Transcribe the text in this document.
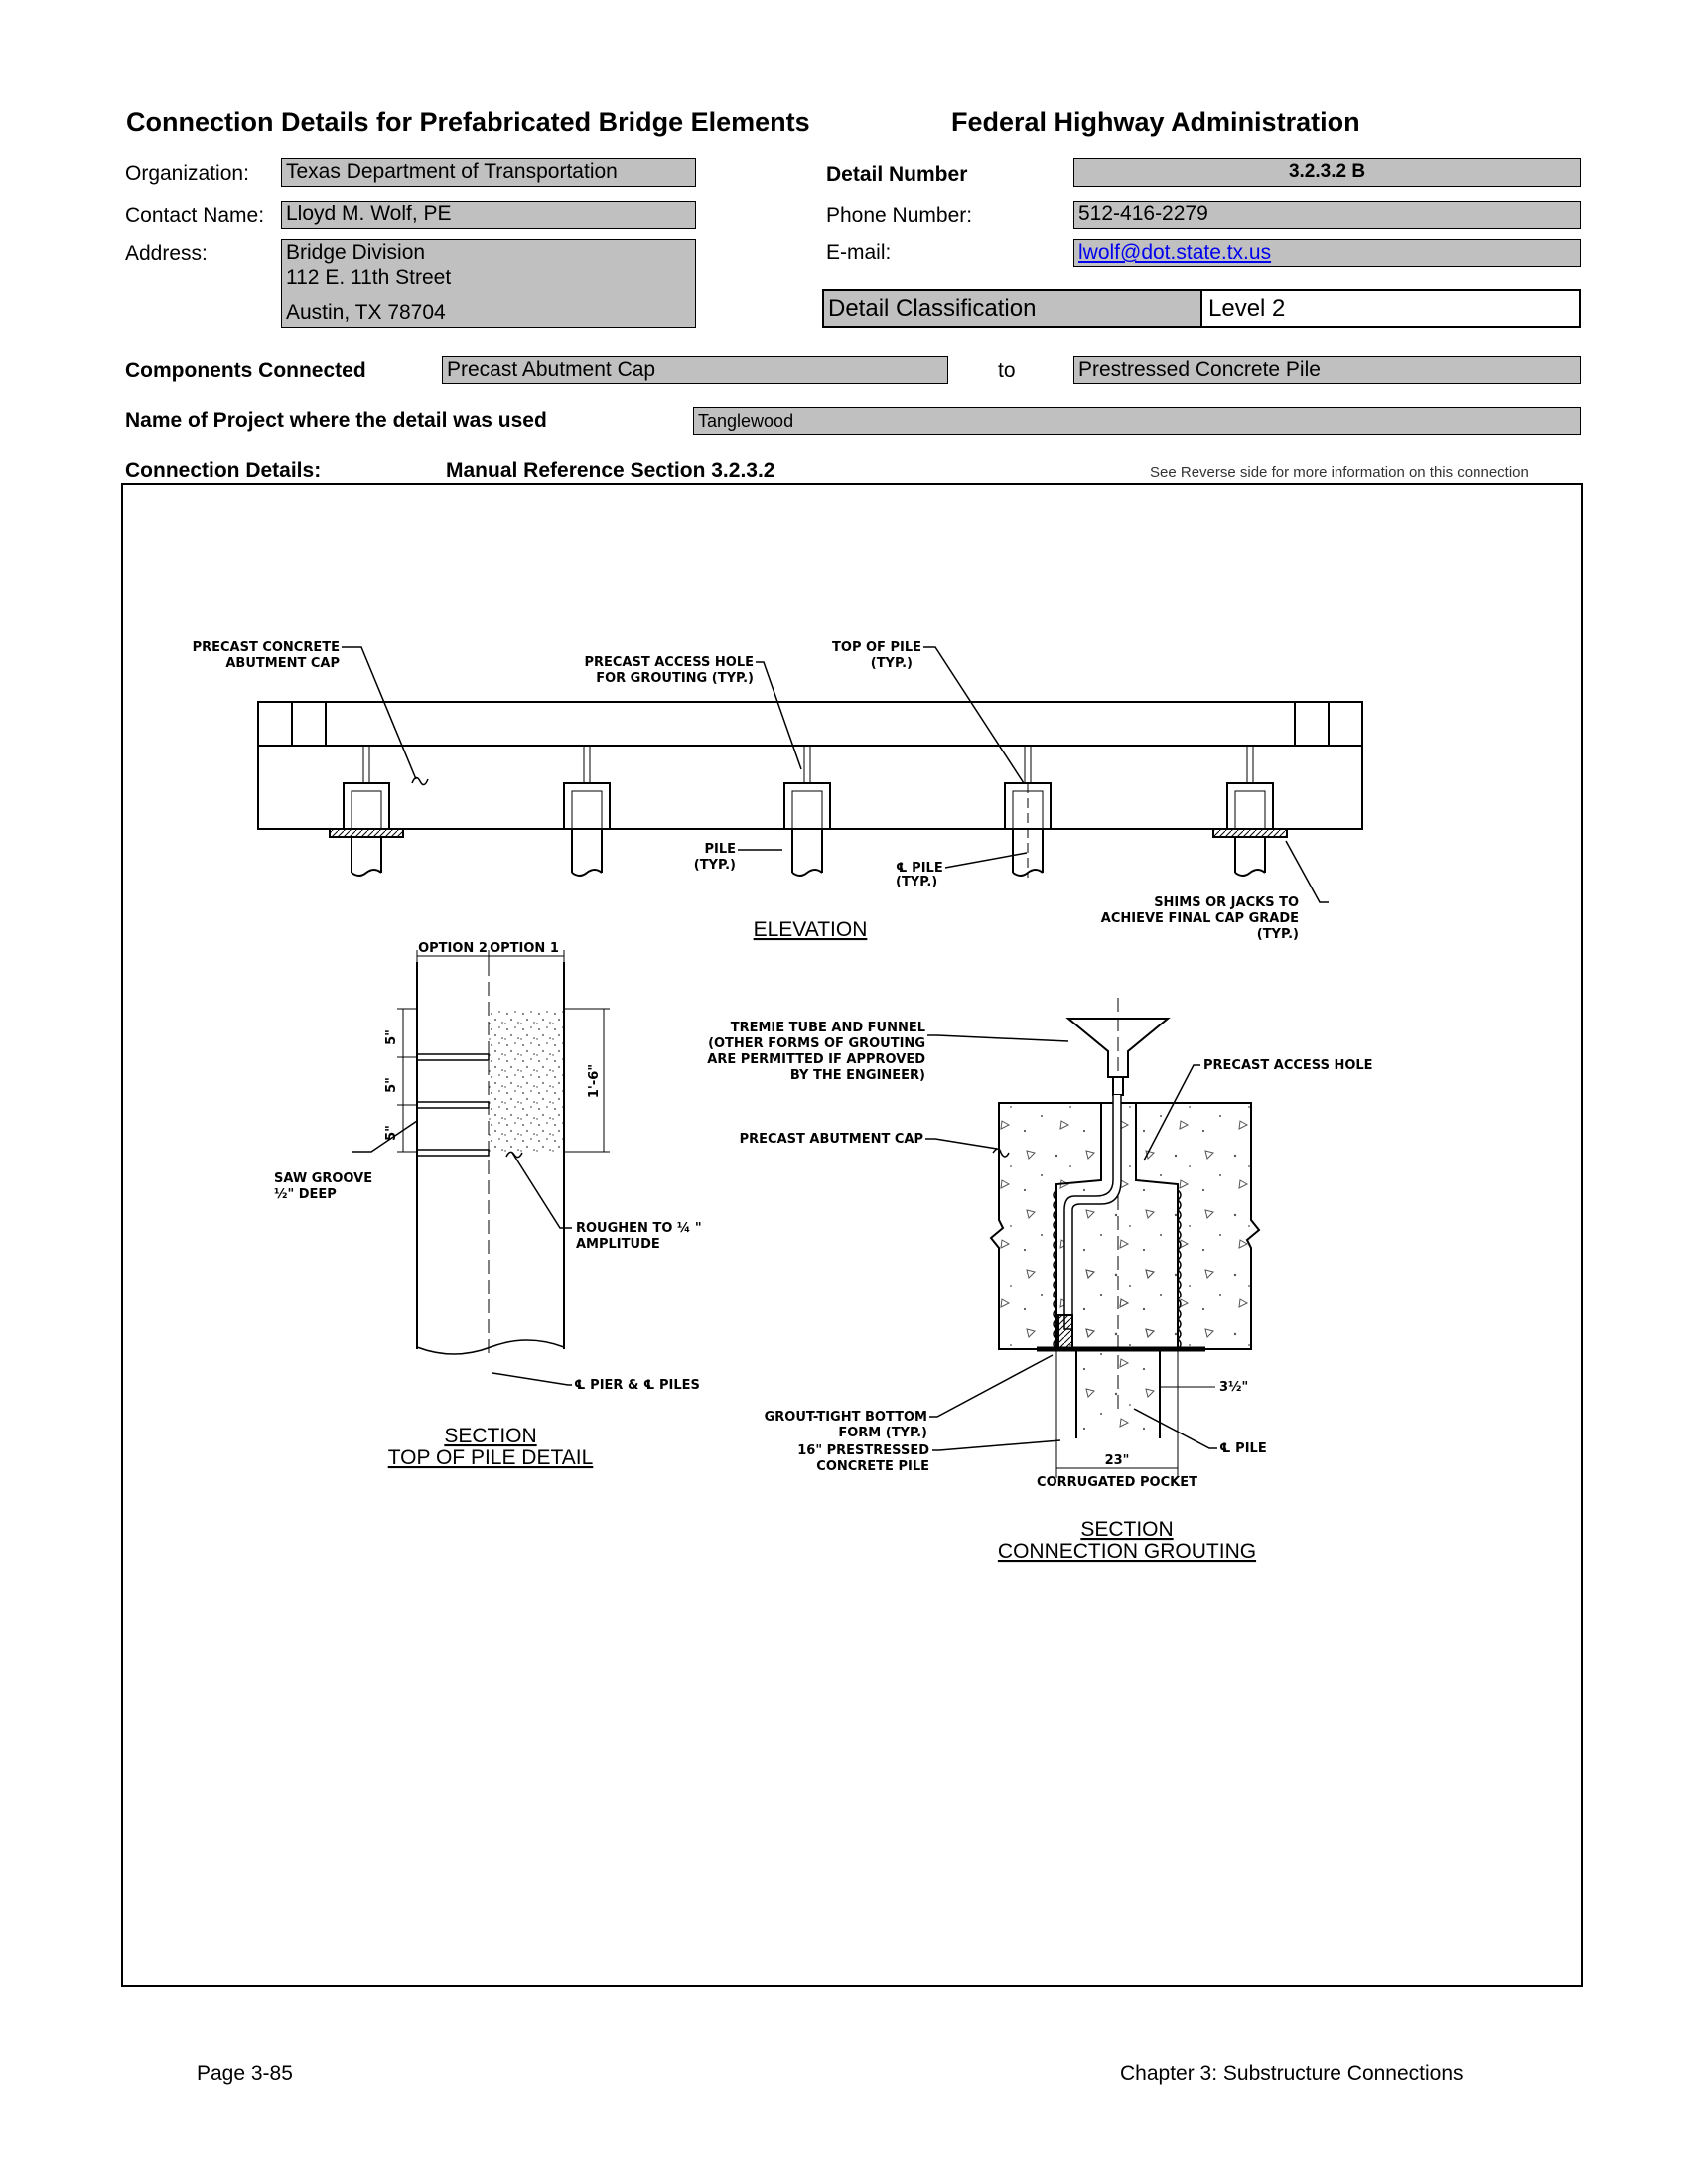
Connection Details for Prefabricated Bridge Elements	Federal Highway Administration
Organization: Texas Department of Transportation
Contact Name: Lloyd M. Wolf, PE
Address:	Bridge Division
112 E. 11th Street
Austin, TX 78704
Detail Number	3.2.3.2 B
Phone Number:	512-416-2279
E-mail:	lwolf@dot.state.tx.us
Detail Classification	Level 2
Components Connected	Precast Abutment Cap	to	Prestressed Concrete Pile
Name of Project where the detail was used	Tanglewood
Connection Details:	Manual Reference Section 3.2.3.2	See Reverse side for more information on this connection
PRECAST CONCRETE
ABUTMENT CAP	PRECAST ACCESS HOLE
FOR GROUTING (TYP.)
TOP OF PILE
(TYP.)
PILE
(TYP.)	℄ PILE
(TYP.)
SHIMS OR JACKS TO
ACHIEVE FINAL CAP GRADE
(TYP.)
ELEVATION
OPTION 2 OPTION 1
5"
5"
5"
1'-6"
SAW GROOVE
½" DEEP
ROUGHEN TO ¼ "
AMPLITUDE
℄ PIER & ℄ PILES
SECTION
TOP OF PILE DETAIL
TREMIE TUBE AND FUNNEL
(OTHER FORMS OF GROUTING
ARE PERMITTED IF APPROVED
BY THE ENGINEER)
PRECAST ACCESS HOLE
PRECAST ABUTMENT CAP
GROUT-TIGHT BOTTOM
FORM (TYP.)
16" PRESTRESSED
CONCRETE PILE
3½"
℄ PILE
23"
CORRUGATED POCKET
SECTION
CONNECTION GROUTING
Page 3-85	Chapter 3: Substructure Connections
